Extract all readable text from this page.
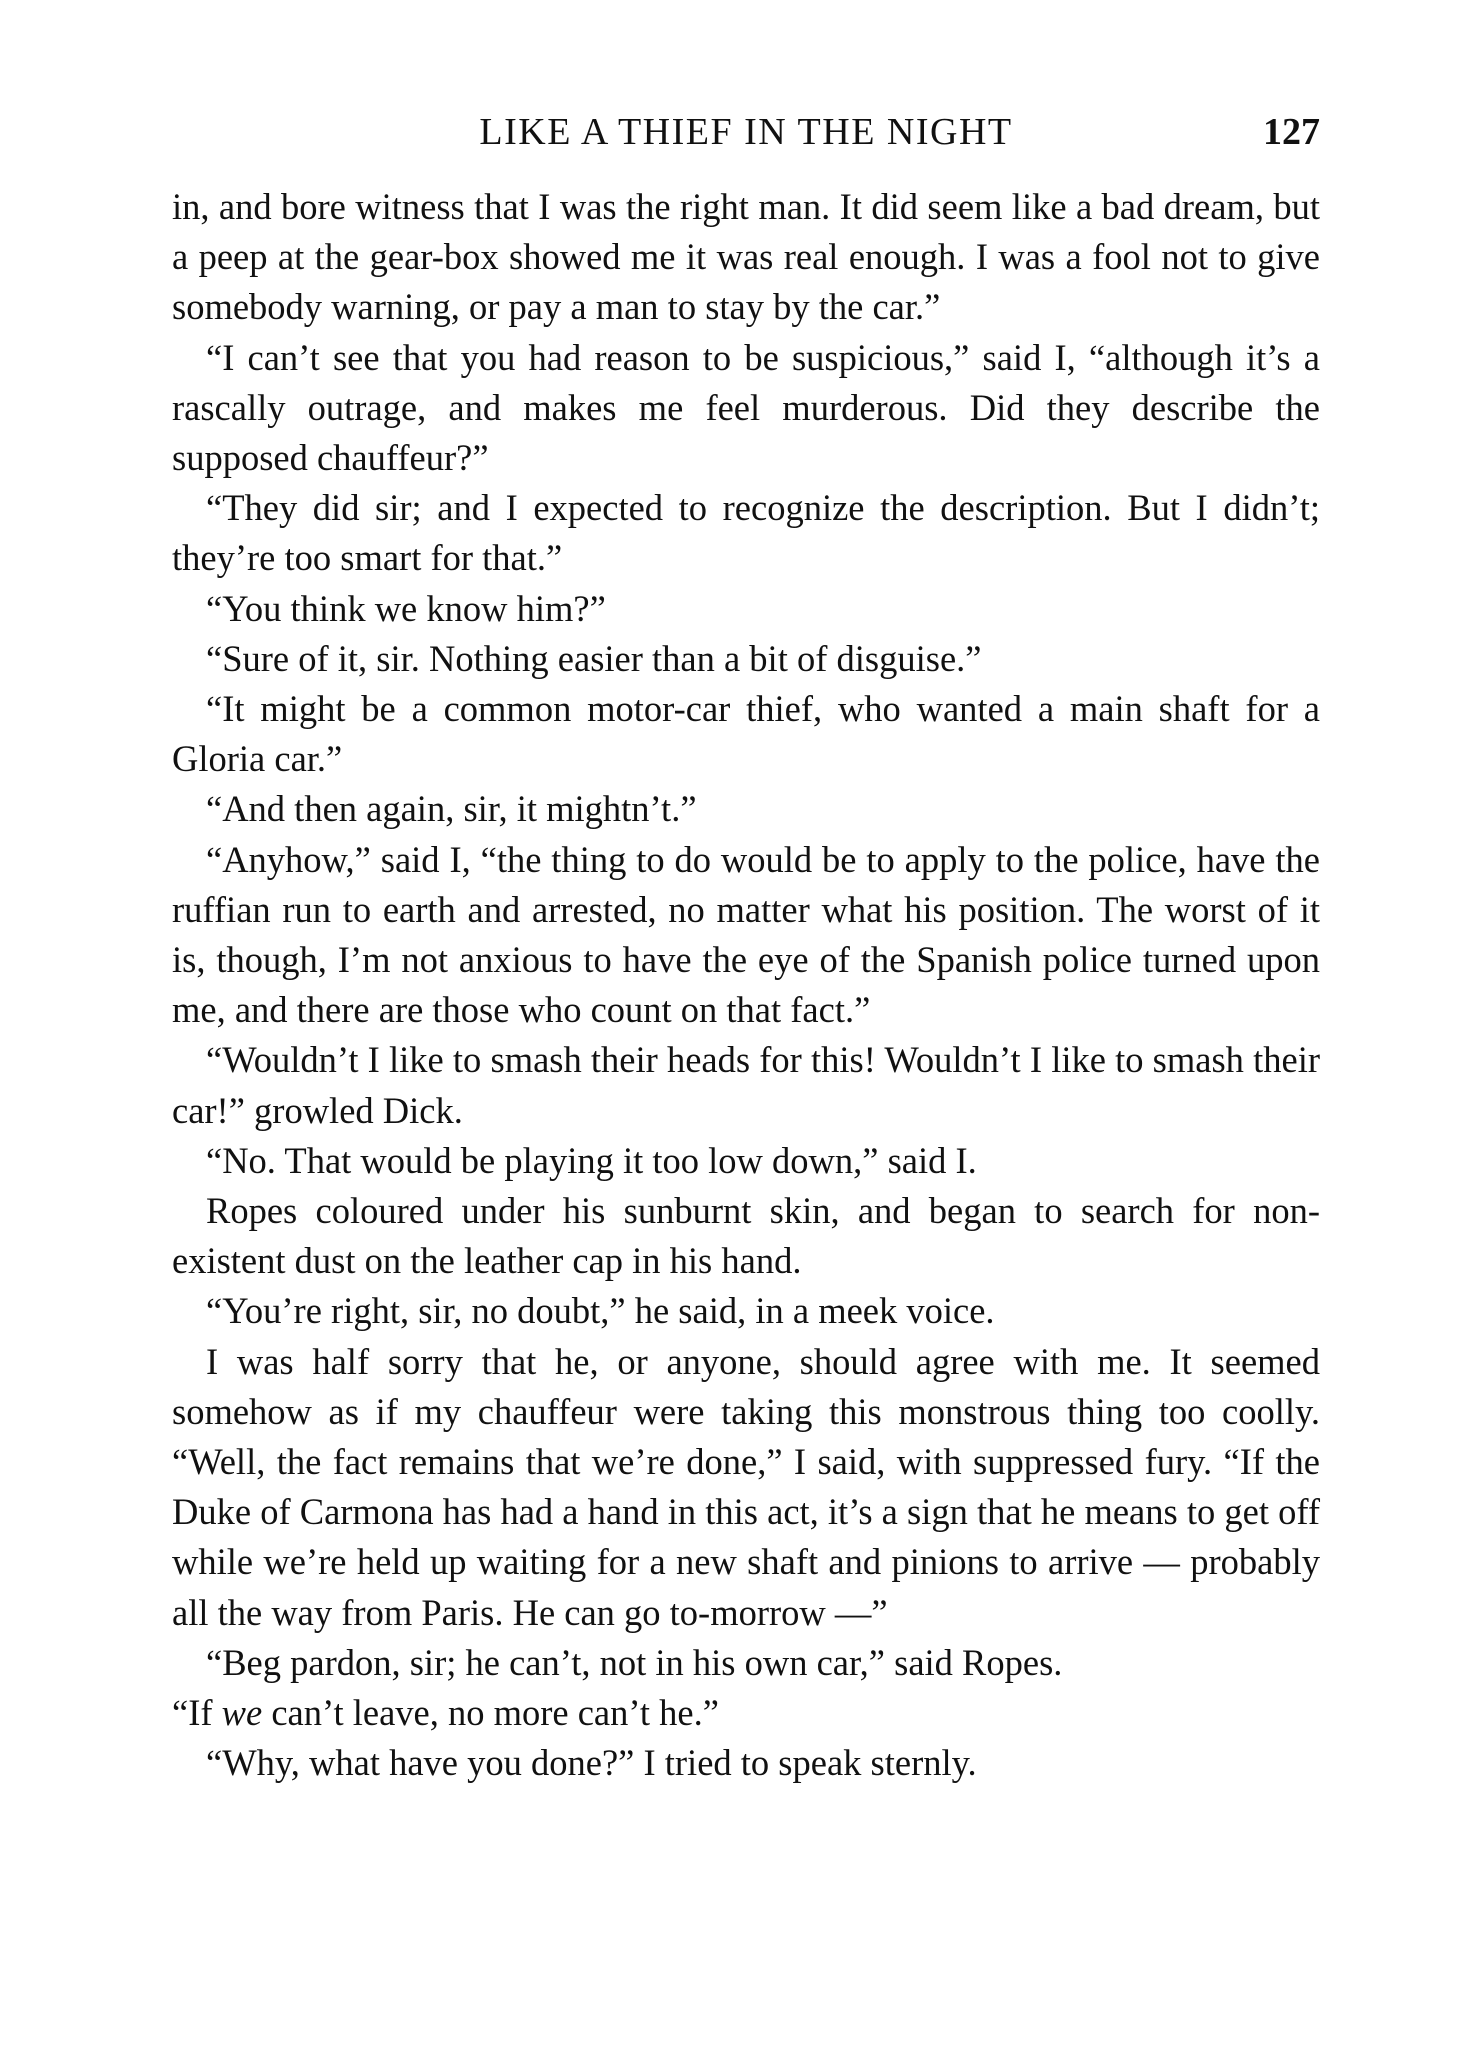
LIKE A THIEF IN THE NIGHT	127

in, and bore witness that I was the right man. It did seem like a bad dream, but a peep at the gear-box showed me it was real enough. I was a fool not to give somebody warning, or pay a man to stay by the car.”

“I can’t see that you had reason to be suspicious,” said I, “although it’s a rascally outrage, and makes me feel murderous. Did they describe the supposed chauffeur?”

“They did sir; and I expected to recognize the description. But I didn’t; they’re too smart for that.”

“You think we know him?”

“Sure of it, sir. Nothing easier than a bit of disguise.”

“It might be a common motor-car thief, who wanted a main shaft for a Gloria car.”

“And then again, sir, it mightn’t.”

“Anyhow,” said I, “the thing to do would be to apply to the police, have the ruffian run to earth and arrested, no matter what his position. The worst of it is, though, I’m not anxious to have the eye of the Spanish police turned upon me, and there are those who count on that fact.”

“Wouldn’t I like to smash their heads for this! Wouldn’t I like to smash their car!” growled Dick.

“No. That would be playing it too low down,” said I.

Ropes coloured under his sunburnt skin, and began to search for non-existent dust on the leather cap in his hand.

“You’re right, sir, no doubt,” he said, in a meek voice.

I was half sorry that he, or anyone, should agree with me. It seemed somehow as if my chauffeur were taking this monstrous thing too coolly. “Well, the fact remains that we’re done,” I said, with suppressed fury. “If the Duke of Carmona has had a hand in this act, it’s a sign that he means to get off while we’re held up waiting for a new shaft and pinions to arrive — probably all the way from Paris. He can go to-morrow —”

“Beg pardon, sir; he can’t, not in his own car,” said Ropes.

“If we can’t leave, no more can’t he.”

“Why, what have you done?” I tried to speak sternly.
